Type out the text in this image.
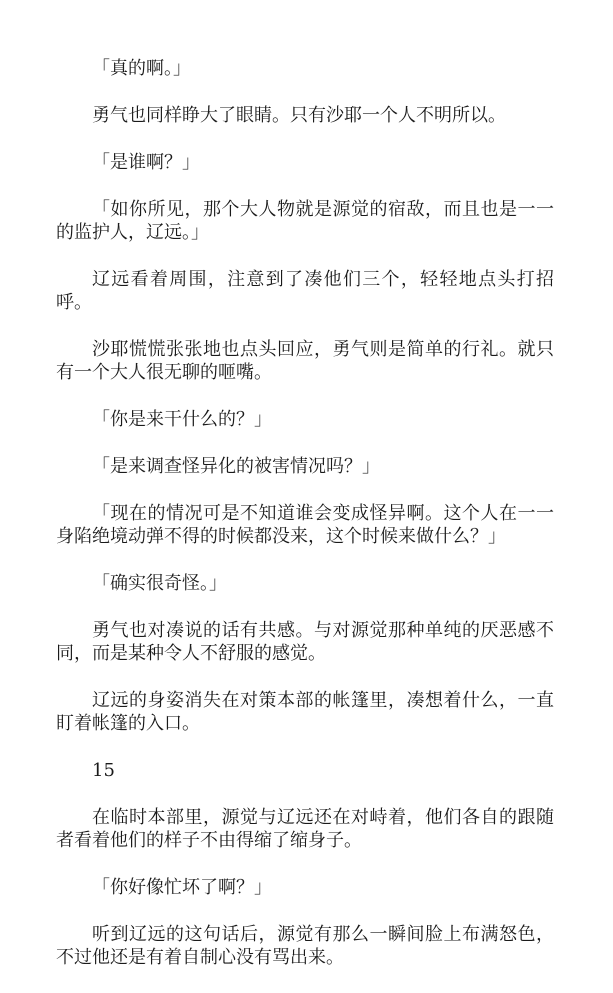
「真的啊。」

勇气也同样睁大了眼睛。只有沙耶一个人不明所以。

「是谁啊？」

「如你所见，那个大人物就是源觉的宿敌，而且也是一一的监护人，辽远。」

辽远看着周围，注意到了凑他们三个，轻轻地点头打招呼。

沙耶慌慌张张地也点头回应，勇气则是简单的行礼。就只有一个大人很无聊的咂嘴。

「你是来干什么的？」

「是来调查怪异化的被害情况吗？」

「现在的情况可是不知道谁会变成怪异啊。这个人在一一身陷绝境动弹不得的时候都没来，这个时候来做什么？」

「确实很奇怪。」

勇气也对凑说的话有共感。与对源觉那种单纯的厌恶感不同，而是某种令人不舒服的感觉。

辽远的身姿消失在对策本部的帐篷里，凑想着什么，一直盯着帐篷的入口。

15

在临时本部里，源觉与辽远还在对峙着，他们各自的跟随者看着他们的样子不由得缩了缩身子。

「你好像忙坏了啊？」

听到辽远的这句话后，源觉有那么一瞬间脸上布满怒色，不过他还是有着自制心没有骂出来。
